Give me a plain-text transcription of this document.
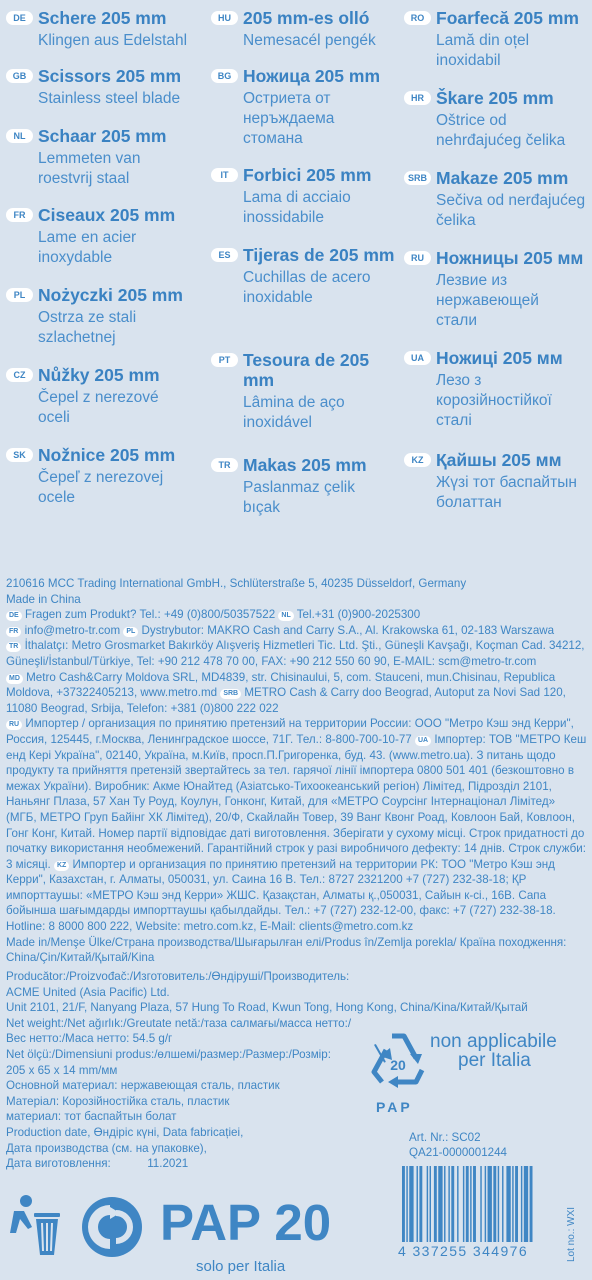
DE Schere 205 mm
Klingen aus Edelstahl
GB Scissors 205 mm
Stainless steel blade
NL Schaar 205 mm
Lemmeten van
roestvrij staal
FR Ciseaux 205 mm
Lame en acier
inoxydable
PL Nożyczki 205 mm
Ostrza ze stali
szlachetnej
CZ Nůžky 205 mm
Čepel z nerezové
oceli
SK Nožnice 205 mm
Čepeľ z nerezovej
ocele
HU 205 mm-es olló
Nemesacél pengék
BG Ножица 205 mm
Остриета от
неръждаема
стомана
IT Forbici 205 mm
Lama di acciaio
inossidabile
ES Tijeras de 205 mm
Cuchillas de acero
inoxidable
PT Tesoura de 205 mm
Lâmina de aço
inoxidável
TR Makas 205 mm
Paslanmaz çelik
bıçak
RO Foarfecă 205 mm
Lamă din oțel
inoxidabil
HR Škare 205 mm
Oštrice od
nehrđajućeg čelika
SRB Makaze 205 mm
Sečiva od nerđajućeg
čelika
RU Ножницы 205 мм
Лезвие из
нержавеющей
стали
UA Ножиці 205 мм
Лезо з
корозійностійкої
сталі
KZ Қайшы 205 мм
Жүзі тот баспайтын
болаттан

210616 MCC Trading International GmbH., Schlüterstraße 5, 40235 Düsseldorf, Germany

Made in China

DE Fragen zum Produkt? Tel.: +49 (0)800/50357522 NL Tel.+31 (0)900-2025300

FR info@metro-tr.com PL Dystrybutor: MAKRO Cash and Carry S.A., Al. Krakowska 61, 02-183 Warszawa

TR İthalatçı: Metro Grosmarket Bakırköy Alışveriş Hizmetleri Tic. Ltd. Şti., Güneşli Kavşağı, Koçman Cad. 34212, Güneşli/İstanbul/Türkiye, Tel: +90 212 478 70 00, FAX: +90 212 550 60 90, E-MAIL: scm@metro-tr.com

MD Metro Cash&Carry Moldova SRL, MD4839, str. Chisinaului, 5, com. Stauceni, mun.Chisinau, Republica Moldova, +37322405213, www.metro.md SRB METRO Cash & Carry doo Beograd, Autoput za Novi Sad 120, 11080 Beograd, Srbija, Telefon: +381 (0)800 222 022

RU Импортер / организация по принятию претензий на территории России: ООО "Метро Кэш энд Керри", Россия, 125445, г.Москва, Ленинградское шоссе, 71Г. Тел.: 8-800-700-10-77 UA Імпортер: ТОВ "МЕТРО Кеш енд Кері Україна", 02140, Україна, м.Київ, просп.П.Григоренка, буд. 43. (www.metro.ua). З питань щодо продукту та прийняття претензій звертайтесь за тел. гарячої лінії імпортера 0800 501 401 (безкоштовно в межах України). Виробник: Акме Юнайтед (Азіатсько-Тихоокеанський регіон) Лімітед, Підрозділ 2101, Наньянг Плаза, 57 Хан Ту Роуд, Коулун, Гонконг, Китай, для «МЕТРО Соурсінг Інтернаціонал Лімітед» (МГБ, МЕТРО Груп Байінг ХК Лімітед), 20/Ф, Скайлайн Товер, 39 Ванг Квонг Роад, Ковлоон Бай, Ковлоон, Гонг Конг, Китай. Номер партії відповідає даті виготовлення. Зберігати у сухому місці. Строк придатності до початку використання необмежений. Гарантійний строк у разі виробничого дефекту: 14 днів. Строк служби: 3 місяці. KZ Импортер и организация по принятию претензий на территории РК: ТОО "Метро Кэш энд Керри", Казахстан, г. Алматы, 050031, ул. Саина 16 В. Тел.: 8727 2321200 +7 (727) 232-38-18; ҚР импорттаушы: «МЕТРО Кэш энд Керри» ЖШС. Қазақстан, Алматы қ.,050031, Сайын к-сі., 16В. Сапа бойынша шағымдарды импорттаушы қабылдайды. Тел.: +7 (727) 232-12-00, факс: +7 (727) 232-38-18. Hotline: 8 8000 800 222, Website: metro.com.kz, E-Mail: clients@metro.com.kz

Made in/Menşe Ülke/Страна производства/Шығарылған елі/Produs în/Zemlja porekla/ Країна походження: China/Çin/Китай/Қытай/Kina

Producător:/Proizvođač:/Изготовитель:/Өндіруші/Производитель:

ACME United (Asia Pacific) Ltd.

Unit 2101, 21/F, Nanyang Plaza, 57 Hung To Road, Kwun Tong, Hong Kong, China/Kina/Китай/Қытай

Net weight:/Net ağırlık:/Greutate netă:/таза салмағы/масса нетто:/

Вес нетто:/Маса нетто: 54.5 g/г

Net ölçü:/Dimensiuni produs:/өлшемі/размер:/Размер:/Розмір:

205 х 65 х 14 mm/мм

Основной материал: нержавеющая сталь, пластик

Матеріал: Корозійностійка сталь, пластик

материал: тот баспайтын болат

Production date, Өндіріс күні, Data fabricației,

Дата производства (см. на упаковке),

Дата виготовлення:	11.2021

20
non applicabile
per Italia
PAP
Art. Nr.: SC02
QA21-0000001244
4 337255 344976	Lot no.: WXI
PAP 20
solo per Italia
